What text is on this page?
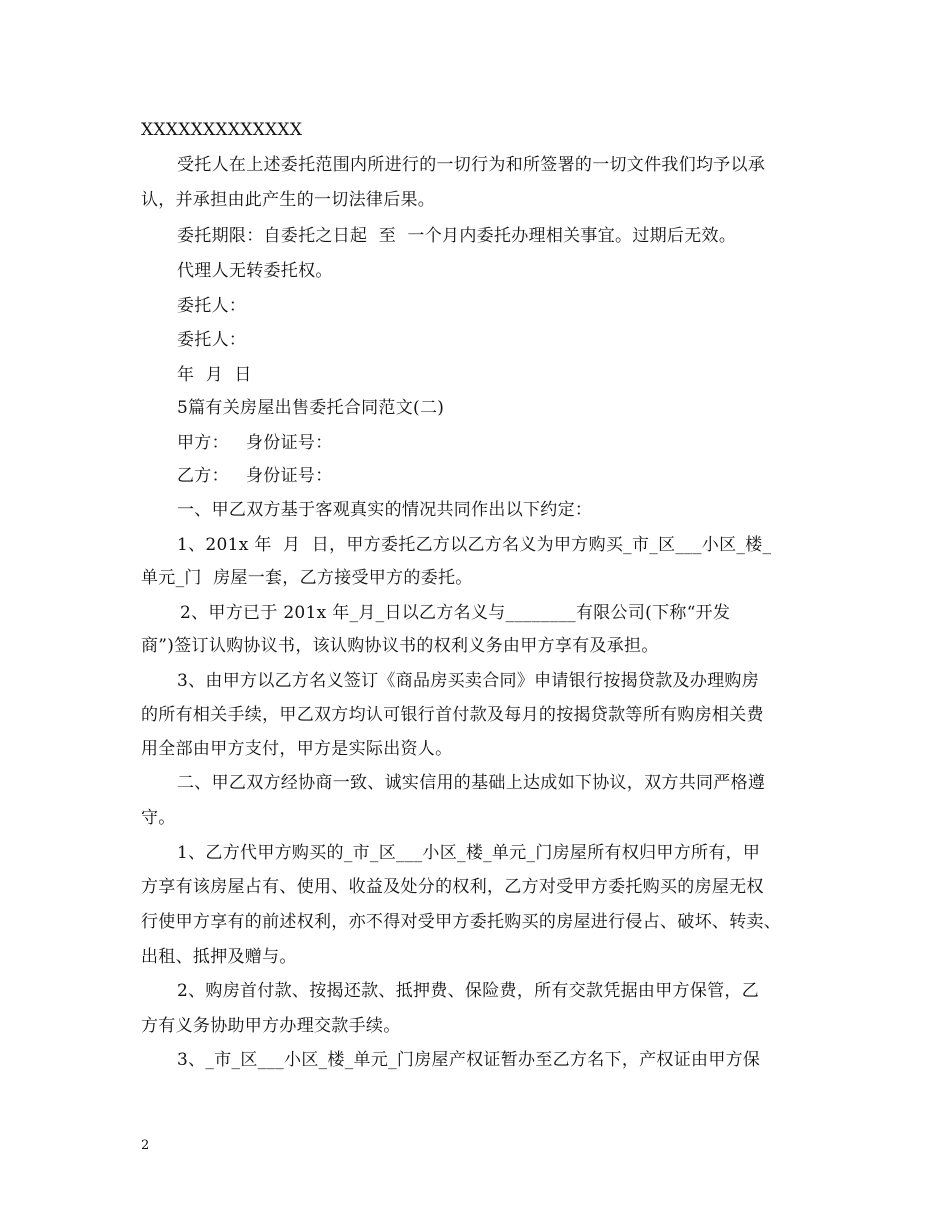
XXXXXXXXXXXXX
受托人在上述委托范围内所进行的一切行为和所签署的一切文件我们均予以承
认，并承担由此产生的一切法律后果。
委托期限：自委托之日起  至  一个月内委托办理相关事宜。过期后无效。
代理人无转委托权。
委托人：
委托人：
年  月  日
5篇有关房屋出售委托合同范文(二)
甲方：   身份证号：
乙方：   身份证号：
一、甲乙双方基于客观真实的情况共同作出以下约定：
1、201x 年  月  日，甲方委托乙方以乙方名义为甲方购买_市_区___小区_楼_
单元_门  房屋一套，乙方接受甲方的委托。
2、甲方已于 201x 年_月_日以乙方名义与________有限公司(下称“开发
商”)签订认购协议书，该认购协议书的权利义务由甲方享有及承担。
3、由甲方以乙方名义签订《商品房买卖合同》申请银行按揭贷款及办理购房
的所有相关手续，甲乙双方均认可银行首付款及每月的按揭贷款等所有购房相关费
用全部由甲方支付，甲方是实际出资人。
二、甲乙双方经协商一致、诚实信用的基础上达成如下协议，双方共同严格遵
守。
1、乙方代甲方购买的_市_区___小区_楼_单元_门房屋所有权归甲方所有，甲
方享有该房屋占有、使用、收益及处分的权利，乙方对受甲方委托购买的房屋无权
行使甲方享有的前述权利，亦不得对受甲方委托购买的房屋进行侵占、破坏、转卖、
出租、抵押及赠与。
2、购房首付款、按揭还款、抵押费、保险费，所有交款凭据由甲方保管，乙
方有义务协助甲方办理交款手续。
3、_市_区___小区_楼_单元_门房屋产权证暂办至乙方名下，产权证由甲方保
2
